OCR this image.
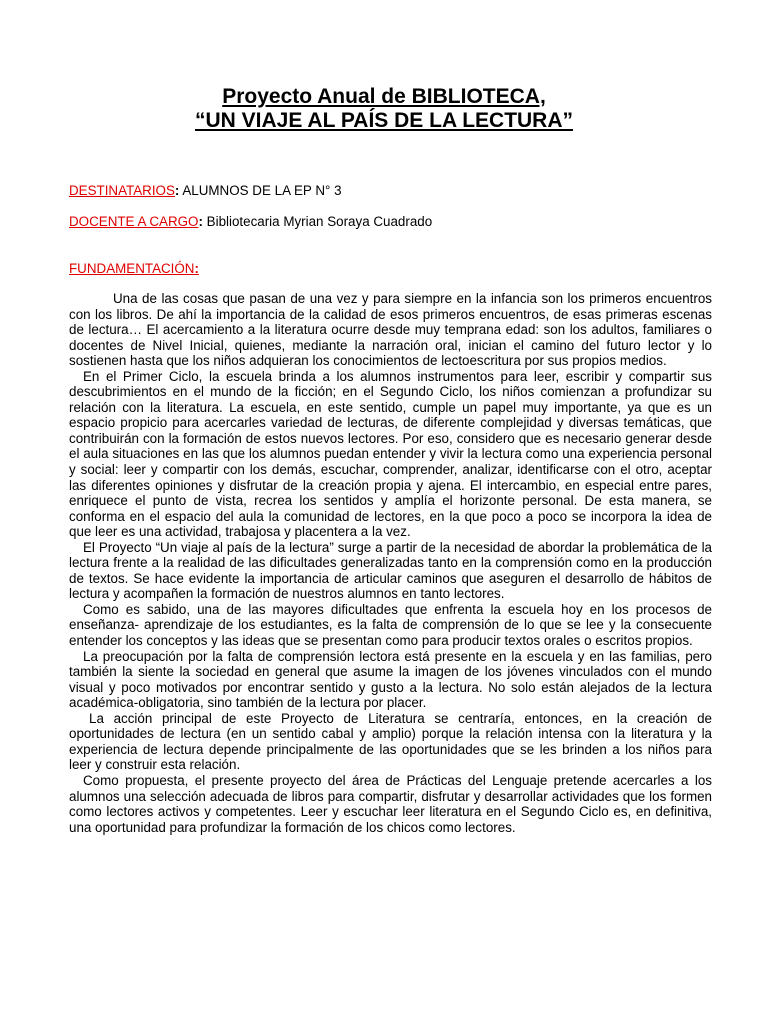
Proyecto Anual de BIBLIOTECA,
“UN VIAJE AL PAÍS DE LA LECTURA”
DESTINATARIOS: ALUMNOS DE LA EP N° 3
DOCENTE A CARGO: Bibliotecaria Myrian Soraya Cuadrado
FUNDAMENTACIÓN:

Una de las cosas que pasan de una vez y para siempre en la infancia son los primeros encuentros con los libros. De ahí la importancia de la calidad de esos primeros encuentros, de esas primeras escenas de lectura… El acercamiento a la literatura ocurre desde muy temprana edad: son los adultos, familiares o docentes de Nivel Inicial, quienes, mediante la narración oral, inician el camino del futuro lector y lo sostienen hasta que los niños adquieran los conocimientos de lectoescritura por sus propios medios.

En el Primer Ciclo, la escuela brinda a los alumnos instrumentos para leer, escribir y compartir sus descubrimientos en el mundo de la ficción; en el Segundo Ciclo, los niños comienzan a profundizar su relación con la literatura. La escuela, en este sentido, cumple un papel muy importante, ya que es un espacio propicio para acercarles variedad de lecturas, de diferente complejidad y diversas temáticas, que contribuirán con la formación de estos nuevos lectores. Por eso, considero que es necesario generar desde el aula situaciones en las que los alumnos puedan entender y vivir la lectura como una experiencia personal y social: leer y compartir con los demás, escuchar, comprender, analizar, identificarse con el otro, aceptar las diferentes opiniones y disfrutar de la creación propia y ajena. El intercambio, en especial entre pares, enriquece el punto de vista, recrea los sentidos y amplía el horizonte personal. De esta manera, se conforma en el espacio del aula la comunidad de lectores, en la que poco a poco se incorpora la idea de que leer es una actividad, trabajosa y placentera a la vez.

El Proyecto “Un viaje al país de la lectura” surge a partir de la necesidad de abordar la problemática de la lectura frente a la realidad de las dificultades generalizadas tanto en la comprensión como en la producción de textos. Se hace evidente la importancia de articular caminos que aseguren el desarrollo de hábitos de lectura y acompañen la formación de nuestros alumnos en tanto lectores.

Como es sabido, una de las mayores dificultades que enfrenta la escuela hoy en los procesos de enseñanza- aprendizaje de los estudiantes, es la falta de comprensión de lo que se lee y la consecuente entender los conceptos y las ideas que se presentan como para producir textos orales o escritos propios.

La preocupación por la falta de comprensión lectora está presente en la escuela y en las familias, pero también la siente la sociedad en general que asume la imagen de los jóvenes vinculados con el mundo visual y poco motivados por encontrar sentido y gusto a la lectura. No solo están alejados de la lectura académica-obligatoria, sino también de la lectura por placer.

La acción principal de este Proyecto de Literatura se centraría, entonces, en la creación de oportunidades de lectura (en un sentido cabal y amplio) porque la relación intensa con la literatura y la experiencia de lectura depende principalmente de las oportunidades que se les brinden a los niños para leer y construir esta relación.

Como propuesta, el presente proyecto del área de Prácticas del Lenguaje pretende acercarles a los alumnos una selección adecuada de libros para compartir, disfrutar y desarrollar actividades que los formen como lectores activos y competentes. Leer y escuchar leer literatura en el Segundo Ciclo es, en definitiva, una oportunidad para profundizar la formación de los chicos como lectores.
